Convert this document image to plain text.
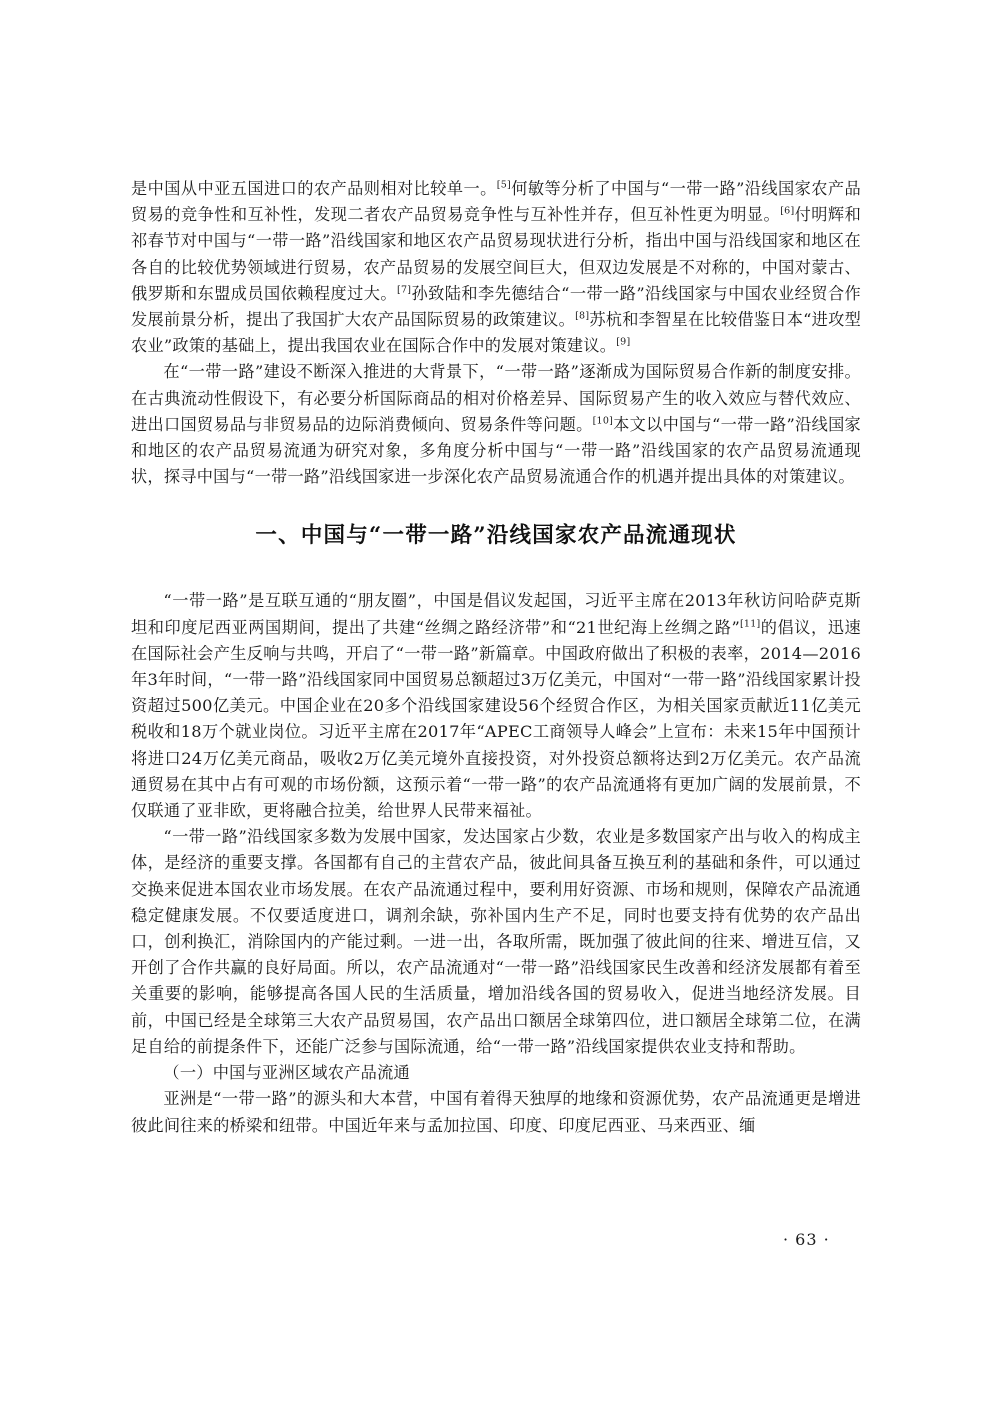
是中国从中亚五国进口的农产品则相对比较单一。[5]何敏等分析了中国与“一带一路”沿线国家农产品贸易的竞争性和互补性，发现二者农产品贸易竞争性与互补性并存，但互补性更为明显。[6]付明辉和祁春节对中国与“一带一路”沿线国家和地区农产品贸易现状进行分析，指出中国与沿线国家和地区在各自的比较优势领域进行贸易，农产品贸易的发展空间巨大，但双边发展是不对称的，中国对蒙古、俄罗斯和东盟成员国依赖程度过大。[7]孙致陆和李先德结合“一带一路”沿线国家与中国农业经贸合作发展前景分析，提出了我国扩大农产品国际贸易的政策建议。[8]苏杭和李智星在比较借鉴日本“进攻型农业”政策的基础上，提出我国农业在国际合作中的发展对策建议。[9]

在“一带一路”建设不断深入推进的大背景下，“一带一路”逐渐成为国际贸易合作新的制度安排。在古典流动性假设下，有必要分析国际商品的相对价格差异、国际贸易产生的收入效应与替代效应、进出口国贸易品与非贸易品的边际消费倾向、贸易条件等问题。[10]本文以中国与“一带一路”沿线国家和地区的农产品贸易流通为研究对象，多角度分析中国与“一带一路”沿线国家的农产品贸易流通现状，探寻中国与“一带一路”沿线国家进一步深化农产品贸易流通合作的机遇并提出具体的对策建议。

一、中国与“一带一路”沿线国家农产品流通现状

“一带一路”是互联互通的“朋友圈”，中国是倡议发起国，习近平主席在2013年秋访问哈萨克斯坦和印度尼西亚两国期间，提出了共建“丝绸之路经济带”和“21世纪海上丝绸之路”[11]的倡议，迅速在国际社会产生反响与共鸣，开启了“一带一路”新篇章。中国政府做出了积极的表率，2014—2016年3年时间，“一带一路”沿线国家同中国贸易总额超过3万亿美元，中国对“一带一路”沿线国家累计投资超过500亿美元。中国企业在20多个沿线国家建设56个经贸合作区，为相关国家贡献近11亿美元税收和18万个就业岗位。习近平主席在2017年“APEC工商领导人峰会”上宣布：未来15年中国预计将进口24万亿美元商品，吸收2万亿美元境外直接投资，对外投资总额将达到2万亿美元。农产品流通贸易在其中占有可观的市场份额，这预示着“一带一路”的农产品流通将有更加广阔的发展前景，不仅联通了亚非欧，更将融合拉美，给世界人民带来福祉。

“一带一路”沿线国家多数为发展中国家，发达国家占少数，农业是多数国家产出与收入的构成主体，是经济的重要支撑。各国都有自己的主营农产品，彼此间具备互换互利的基础和条件，可以通过交换来促进本国农业市场发展。在农产品流通过程中，要利用好资源、市场和规则，保障农产品流通稳定健康发展。不仅要适度进口，调剂余缺，弥补国内生产不足，同时也要支持有优势的农产品出口，创利换汇，消除国内的产能过剩。一进一出，各取所需，既加强了彼此间的往来、增进互信，又开创了合作共赢的良好局面。所以，农产品流通对“一带一路”沿线国家民生改善和经济发展都有着至关重要的影响，能够提高各国人民的生活质量，增加沿线各国的贸易收入，促进当地经济发展。目前，中国已经是全球第三大农产品贸易国，农产品出口额居全球第四位，进口额居全球第二位，在满足自给的前提条件下，还能广泛参与国际流通，给“一带一路”沿线国家提供农业支持和帮助。

（一）中国与亚洲区域农产品流通

亚洲是“一带一路”的源头和大本营，中国有着得天独厚的地缘和资源优势，农产品流通更是增进彼此间往来的桥梁和纽带。中国近年来与孟加拉国、印度、印度尼西亚、马来西亚、缅

· 63 ·
